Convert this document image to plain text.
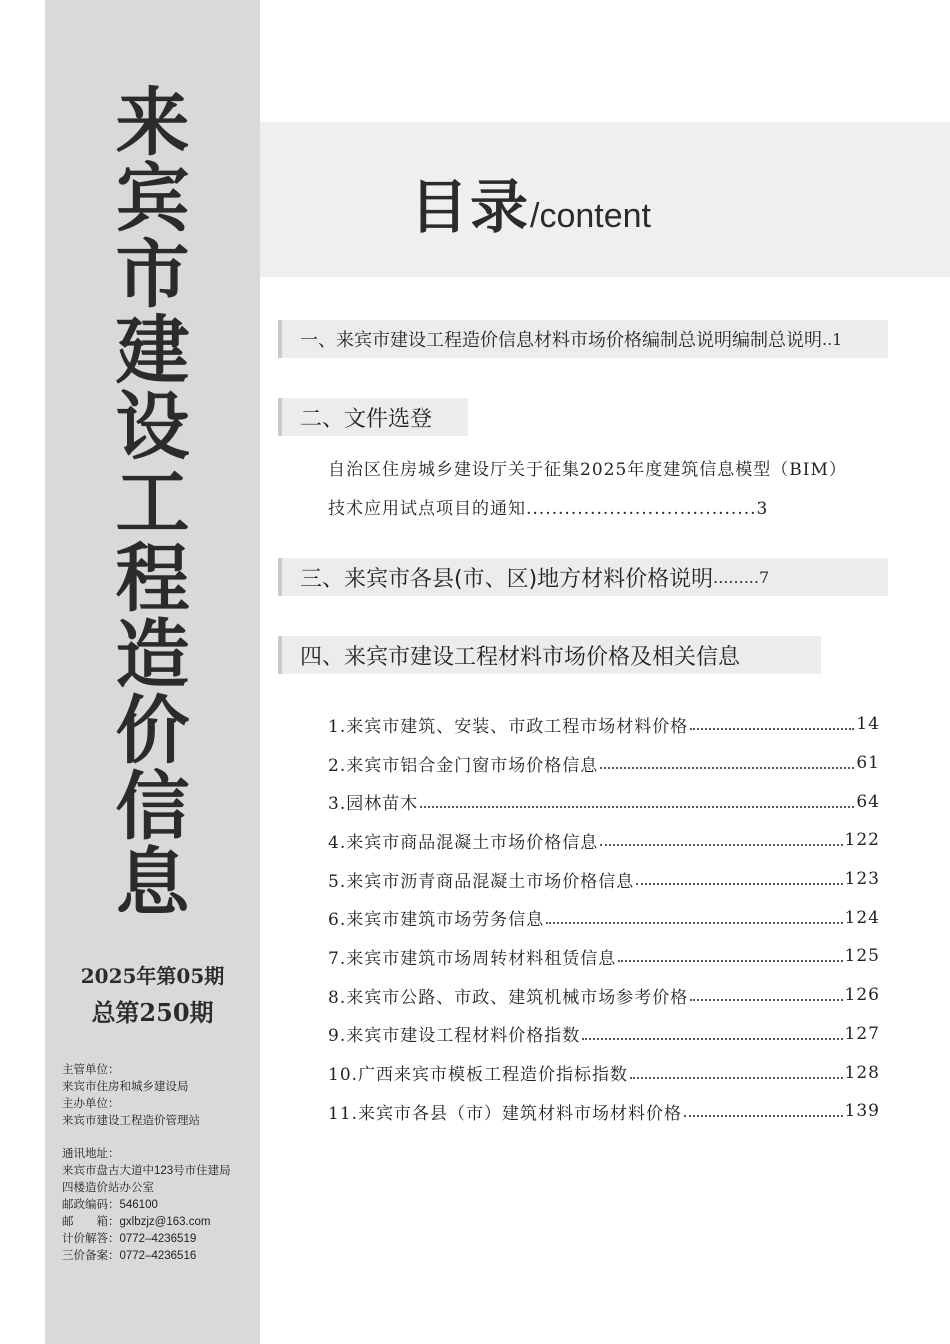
来
宾
市
建
设
工
程
造
价
信
息
2025年第05期
总第250期
主管单位：
来宾市住房和城乡建设局
主办单位：
来宾市建设工程造价管理站
通讯地址：
来宾市盘古大道中123号市住建局
四楼造价站办公室
邮政编码：546100
邮　　箱：gxlbzjz@163.com
计价解答：0772–4236519
三价备案：0772–4236516
目录/content
一、来宾市建设工程造价信息材料市场价格编制总说明编制总说明 .. 1
二、文件选登
自治区住房城乡建设厅关于征集2025年度建筑信息模型（BIM）
技术应用试点项目的通知....................................3
三、来宾市各县(市、区)地方材料价格说明 ......... 7
四、来宾市建设工程材料市场价格及相关信息
1.来宾市建筑、安装、市政工程市场材料价格	14
2.来宾市铝合金门窗市场价格信息	61
3.园林苗木	64
4.来宾市商品混凝土市场价格信息	122
5.来宾市沥青商品混凝土市场价格信息	123
6.来宾市建筑市场劳务信息	124
7.来宾市建筑市场周转材料租赁信息	125
8.来宾市公路、市政、建筑机械市场参考价格	126
9.来宾市建设工程材料价格指数	127
10.广西来宾市模板工程造价指标指数	128
11.来宾市各县（市）建筑材料市场材料价格	139
